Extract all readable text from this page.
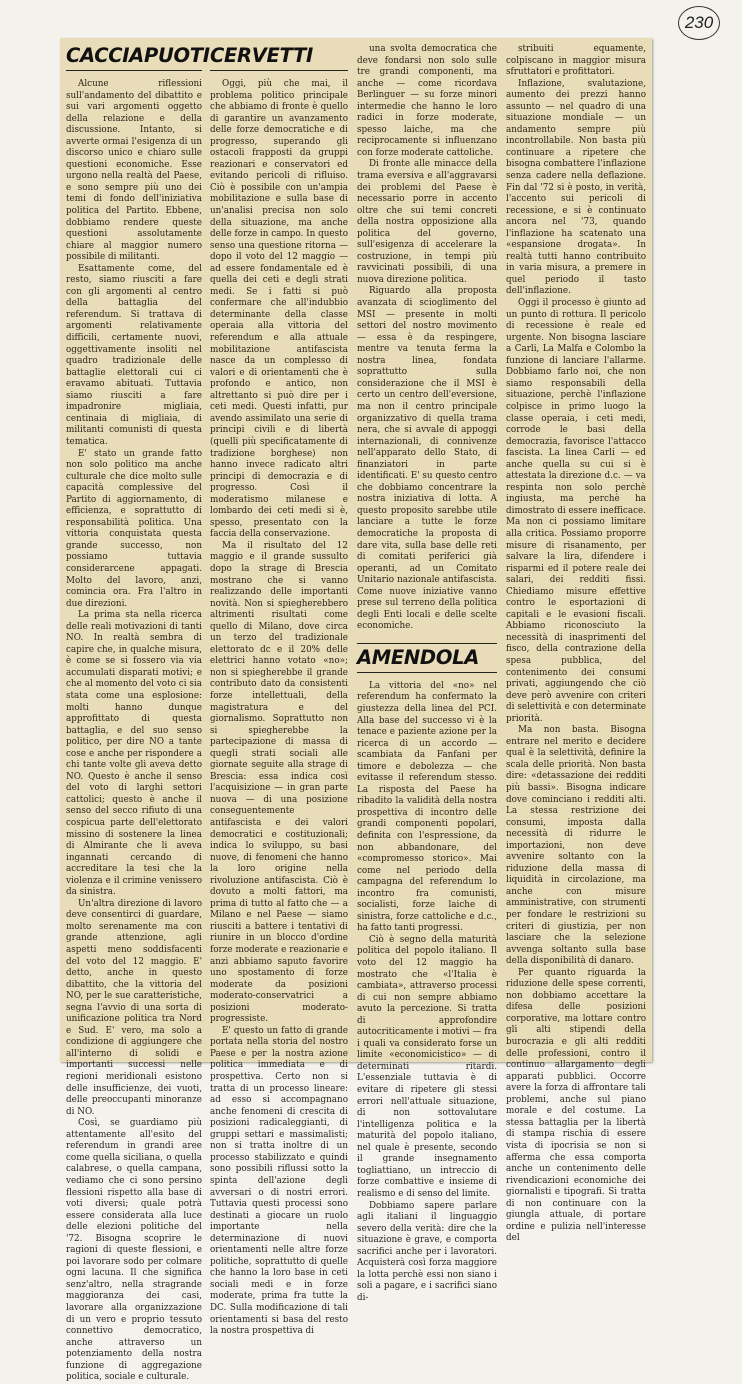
230
CACCIAPUOTI

Alcune riflessioni sull'andamento del dibattito e sui vari argomenti oggetto della relazione e della discussione. Intanto, si avverte ormai l'esigenza di un discorso unico e chiaro sulle questioni economiche. Esse urgono nella realtà del Paese, e sono sempre più uno dei temi di fondo dell'iniziativa politica del Partito. Ebbene, dobbiamo rendere queste questioni assolutamente chiare al maggior numero possibile di militanti.

Esattamente come, del resto, siamo riusciti a fare con gli argomenti al centro della battaglia del referendum. Si trattava di argomenti relativamente difficili, certamente nuovi, oggettivamente insoliti nel quadro tradizionale delle battaglie elettorali cui ci eravamo abituati. Tuttavia siamo riusciti a fare impadronire migliaia, centinaia di migliaia, di militanti comunisti di questa tematica.

E' stato un grande fatto non solo politico ma anche culturale che dice molto sulle capacità complessive del Partito di aggiornamento, di efficienza, e soprattutto di responsabilità politica. Una vittoria conquistata questa grande successo, non possiamo tuttavia considerarcene appagati. Molto del lavoro, anzi, comincia ora. Fra l'altro in due direzioni.

La prima sta nella ricerca delle reali motivazioni di tanti NO. In realtà sembra di capire che, in qualche misura, è come se si fossero via via accumulati disparati motivi; e che al momento del voto ci sia stata come una esplosione: molti hanno dunque approfittato di questa battaglia, e del suo senso politico, per dire NO a tante cose e anche per rispondere a chi tante volte gli aveva detto NO. Questo è anche il senso del voto di larghi settori cattolici; questo è anche il senso del secco rifiuto di una cospicua parte dell'elettorato missino di sostenere la linea di Almirante che li aveva ingannati cercando di accreditare la tesi che la violenza e il crimine venissero da sinistra.

Un'altra direzione di lavoro deve consentirci di guardare, molto serenamente ma con grande attenzione, agli aspetti meno soddisfacenti del voto del 12 maggio. E' detto, anche in questo dibattito, che la vittoria del NO, per le sue caratteristiche, segna l'avvio di una sorta di unificazione politica tra Nord e Sud. E' vero, ma solo a condizione di aggiungere che all'interno di solidi e importanti successi nelle regioni meridionali esistono delle insufficienze, dei vuoti, delle preoccupanti minoranze di NO.

Così, se guardiamo più attentamente all'esito del referendum in grandi aree come quella siciliana, o quella calabrese, o quella campana, vediamo che ci sono persino flessioni rispetto alla base di voti diversi; quale potrà essere considerata alla luce delle elezioni politiche del '72. Bisogna scoprire le ragioni di queste flessioni, e poi lavorare sodo per colmare ogni lacuna. Il che significa senz'altro, nella stragrande maggioranza dei casi, lavorare alla organizzazione di un vero e proprio tessuto connettivo democratico, anche attraverso un potenziamento della nostra funzione di aggregazione politica, sociale e culturale.

CERVETTI

Oggi, più che mai, il problema politico principale che abbiamo di fronte è quello di garantire un avanzamento delle forze democratiche e di progresso, superando gli ostacoli frapposti da gruppi reazionari e conservatori ed evitando pericoli di rifluiso. Ciò è possibile con un'ampia mobilitazione e sulla base di un'analisi precisa non solo della situazione, ma anche delle forze in campo. In questo senso una questione ritorna — dopo il voto del 12 maggio — ad essere fondamentale ed è quella dei ceti e degli strati medi. Se i fatti si può confermare che all'indubbio determinante della classe operaia alla vittoria del referendum e alla attuale mobilitazione antifascista nasce da un complesso di valori e di orientamenti che è profondo e antico, non altrettanto si può dire per i ceti medi. Questi infatti, pur avendo assimilato una serie di principi civili e di libertà (quelli più specificatamente di tradizione borghese) non hanno invece radicato altri principi di democrazia e di progresso. Così il moderatismo milanese e lombardo dei ceti medi si è, spesso, presentato con la faccia della conservazione.

Ma il risultato del 12 maggio e il grande sussulto dopo la strage di Brescia mostrano che si vanno realizzando delle importanti novità. Non si spiegherebbero altrimenti risultati come quello di Milano, dove circa un terzo del tradizionale elettorato dc e il 20% delle elettrici hanno votato «no»; non si spiegherebbe il grande contributo dato da consistenti forze intellettuali, della magistratura e del giornalismo. Soprattutto non si spiegherebbe la partecipazione di massa di quegli strati sociali alle giornate seguite alla strage di Brescia: essa indica così l'acquisizione — in gran parte nuova — di una posizione conseguentemente antifascista e dei valori democratici e costituzionali; indica lo sviluppo, su basi nuove, di fenomeni che hanno la loro origine nella rivoluzione antifascista. Ciò è dovuto a molti fattori, ma prima di tutto al fatto che — a Milano e nel Paese — siamo riusciti a battere i tentativi di riunire in un blocco d'ordine forze moderate e reazionarie e anzi abbiamo saputo favorire uno spostamento di forze moderate da posizioni moderato-conservatrici a posizioni moderato-progressiste.

E' questo un fatto di grande portata nella storia del nostro Paese e per la nostra azione politica immediata e di prospettiva. Certo non si tratta di un processo lineare: ad esso si accompagnano anche fenomeni di crescita di posizioni radicaleggianti, di gruppi settari e massimalisti; non si tratta inoltre di un processo stabilizzato e quindi sono possibili riflussi sotto la spinta dell'azione degli avversari o di nostri errori. Tuttavia questi processi sono destinati a giocare un ruolo importante nella determinazione di nuovi orientamenti nelle altre forze politiche, soprattutto di quelle che hanno la loro base in ceti sociali medi e in forze moderate, prima fra tutte la DC. Sulla modificazione di tali orientamenti si basa del resto la nostra prospettiva di

una svolta democratica che deve fondarsi non solo sulle tre grandi componenti, ma anche — come ricordava Berlinguer — su forze minori intermedie che hanno le loro radici in forze moderate, spesso laiche, ma che reciprocamente si influenzano con forze moderate cattoliche.

Di fronte alle minacce della trama eversiva e all'aggravarsi dei problemi del Paese è necessario porre in accento oltre che sui temi concreti della nostra opposizione alla politica del governo, sull'esigenza di accelerare la costruzione, in tempi più ravvicinati possibili, di una nuova direzione politica.

Riguardo alla proposta avanzata di scioglimento del MSI — presente in molti settori del nostro movimento — essa è da respingere, mentre va tenuta ferma la nostra linea, fondata soprattutto sulla considerazione che il MSI è certo un centro dell'eversione, ma non il centro principale organizzativo di quella trama nera, che si avvale di appoggi internazionali, di connivenze nell'apparato dello Stato, di finanziatori in parte identificati. E' su questo centro che dobbiamo concentrare la nostra iniziativa di lotta. A questo proposito sarebbe utile lanciare a tutte le forze democratiche la proposta di dare vita, sulla base delle reti di comitati periferici già operanti, ad un Comitato Unitario nazionale antifascista. Come nuove iniziative vanno prese sul terreno della politica degli Enti locali e delle scelte economiche.

AMENDOLA

La vittoria del «no» nel referendum ha confermato la giustezza della linea del PCI. Alla base del successo vi è la tenace e paziente azione per la ricerca di un accordo — scambiata da Fanfani per timore e debolezza — che evitasse il referendum stesso. La risposta del Paese ha ribadito la validità della nostra prospettiva di incontro delle grandi componenti popolari, definita con l'espressione, da non abbandonare, del «compromesso storico». Mai come nel periodo della campagna del referendum lo incontro fra comunisti, socialisti, forze laiche di sinistra, forze cattoliche e d.c., ha fatto tanti progressi.

Ciò è segno della maturità politica del popolo italiano. Il voto del 12 maggio ha mostrato che «l'Italia è cambiata», attraverso processi di cui non sempre abbiamo avuto la percezione. Si tratta di approfondire autocriticamente i motivi — fra i quali va considerato forse un limite «economicistico» — di determinati ritardi. L'essenziale tuttavia è di evitare di ripetere gli stessi errori nell'attuale situazione, di non sottovalutare l'intelligenza politica e la maturità del popolo italiano, nel quale è presente, secondo il grande insegnamento togliattiano, un intreccio di forze combattive e insieme di realismo e di senso del limite.

Dobbiamo sapere parlare agli italiani il linguaggio severo della verità: dire che la situazione è grave, e comporta sacrifici anche per i lavoratori. Acquisterà così forza maggiore la lotta perchè essi non siano i soli a pagare, e i sacrifici siano di-

stribuiti equamente, colpiscano in maggior misura sfruttatori e profittatori.

Inflazione, svalutazione, aumento dei prezzi hanno assunto — nel quadro di una situazione mondiale — un andamento sempre più incontrollabile. Non basta più continuare a ripetere che bisogna combattere l'inflazione senza cadere nella deflazione. Fin dal '72 si è posto, in verità, l'accento sui pericoli di recessione, e si è continuato ancora nel '73, quando l'inflazione ha scatenato una «espansione drogata». In realtà tutti hanno contribuito in varia misura, a premere in quel periodo il tasto dell'inflazione.

Oggi il processo è giunto ad un punto di rottura. Il pericolo di recessione è reale ed urgente. Non bisogna lasciare a Carli, La Malfa e Colombo la funzione di lanciare l'allarme. Dobbiamo farlo noi, che non siamo responsabili della situazione, perchè l'inflazione colpisce in primo luogo la classe operaia, i ceti medi, corrode le basi della democrazia, favorisce l'attacco fascista. La linea Carli — ed anche quella su cui si è attestata la direzione d.c. — va respinta non solo perchè ingiusta, ma perchè ha dimostrato di essere inefficace. Ma non ci possiamo limitare alla critica. Possiamo proporre misure di risanamento, per salvare la lira, difendere i risparmi ed il potere reale dei salari, dei redditi fissi. Chiediamo misure effettive contro le esportazioni di capitali e le evasioni fiscali. Abbiamo riconosciuto la necessità di inasprimenti del fisco, della contrazione della spesa pubblica, del contenimento dei consumi privati, aggiungendo che ciò deve però avvenire con criteri di selettività e con determinate priorità.

Ma non basta. Bisogna entrare nel merito e decidere qual è la selettività, definire la scala delle priorità. Non basta dire: «detassazione dei redditi più bassi». Bisogna indicare dove cominciano i redditi alti. La stessa restrizione dei consumi, imposta dalla necessità di ridurre le importazioni, non deve avvenire soltanto con la riduzione della massa di liquidità in circolazione, ma anche con misure amministrative, con strumenti per fondare le restrizioni su criteri di giustizia, per non lasciare che la selezione avvenga soltanto sulla base della disponibilità di danaro.

Per quanto riguarda la riduzione delle spese correnti, non dobbiamo accettare la difesa delle posizioni corporative, ma lottare contro gli alti stipendi della burocrazia e gli alti redditi delle professioni, contro il continuo allargamento degli apparati pubblici. Occorre avere la forza di affrontare tali problemi, anche sul piano morale e del costume. La stessa battaglia per la libertà di stampa rischia di essere vista di ipocrisia se non si afferma che essa comporta anche un contenimento delle rivendicazioni economiche dei giornalisti e tipografi. Si tratta di non continuare con la giungla attuale, di portare ordine e pulizia nell'interesse del
